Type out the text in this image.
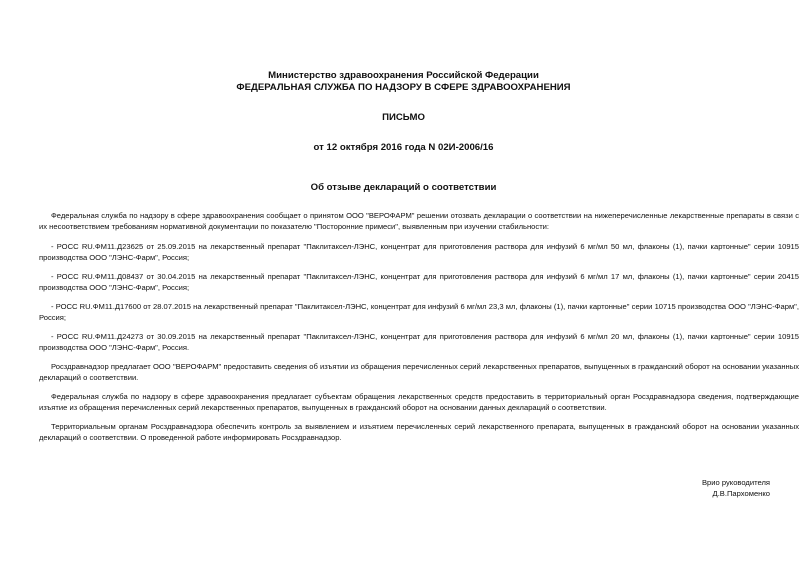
Министерство здравоохранения Российской Федерации
ФЕДЕРАЛЬНАЯ СЛУЖБА ПО НАДЗОРУ В СФЕРЕ ЗДРАВООХРАНЕНИЯ
ПИСЬМО
от 12 октября 2016 года N 02И-2006/16
Об отзыве деклараций о соответствии
Федеральная служба по надзору в сфере здравоохранения сообщает о принятом ООО "ВЕРОФАРМ" решении отозвать декларации о соответствии на нижеперечисленные лекарственные препараты в связи с их несоответствием требованиям нормативной документации по показателю "Посторонние примеси", выявленным при изучении стабильности:
- РОСС RU.ФМ11.Д23625 от 25.09.2015 на лекарственный препарат "Паклитаксел-ЛЭНС, концентрат для приготовления раствора для инфузий 6 мг/мл 50 мл, флаконы (1), пачки картонные" серии 10915 производства ООО "ЛЭНС-Фарм", Россия;
- РОСС RU.ФМ11.Д08437 от 30.04.2015 на лекарственный препарат "Паклитаксел-ЛЭНС, концентрат для приготовления раствора для инфузий 6 мг/мл 17 мл, флаконы (1), пачки картонные" серии 20415 производства ООО "ЛЭНС-Фарм", Россия;
- РОСС RU.ФМ11.Д17600 от 28.07.2015 на лекарственный препарат "Паклитаксел-ЛЭНС, концентрат для инфузий 6 мг/мл 23,3 мл, флаконы (1), пачки картонные" серии 10715 производства ООО "ЛЭНС-Фарм", Россия;
- РОСС RU.ФМ11.Д24273 от 30.09.2015 на лекарственный препарат "Паклитаксел-ЛЭНС, концентрат для приготовления раствора для инфузий 6 мг/мл 20 мл, флаконы (1), пачки картонные" серии 10915 производства ООО "ЛЭНС-Фарм", Россия.
Росздравнадзор предлагает ООО "ВЕРОФАРМ" предоставить сведения об изъятии из обращения перечисленных серий лекарственных препаратов, выпущенных в гражданский оборот на основании указанных деклараций о соответствии.
Федеральная служба по надзору в сфере здравоохранения предлагает субъектам обращения лекарственных средств предоставить в территориальный орган Росздравнадзора сведения, подтверждающие изъятие из обращения перечисленных серий лекарственных препаратов, выпущенных в гражданский оборот на основании данных деклараций о соответствии.
Территориальным органам Росздравнадзора обеспечить контроль за выявлением и изъятием перечисленных серий лекарственного препарата, выпущенных в гражданский оборот на основании указанных деклараций о соответствии. О проведенной работе информировать Росздравнадзор.
Врио руководителя
Д.В.Пархоменко
